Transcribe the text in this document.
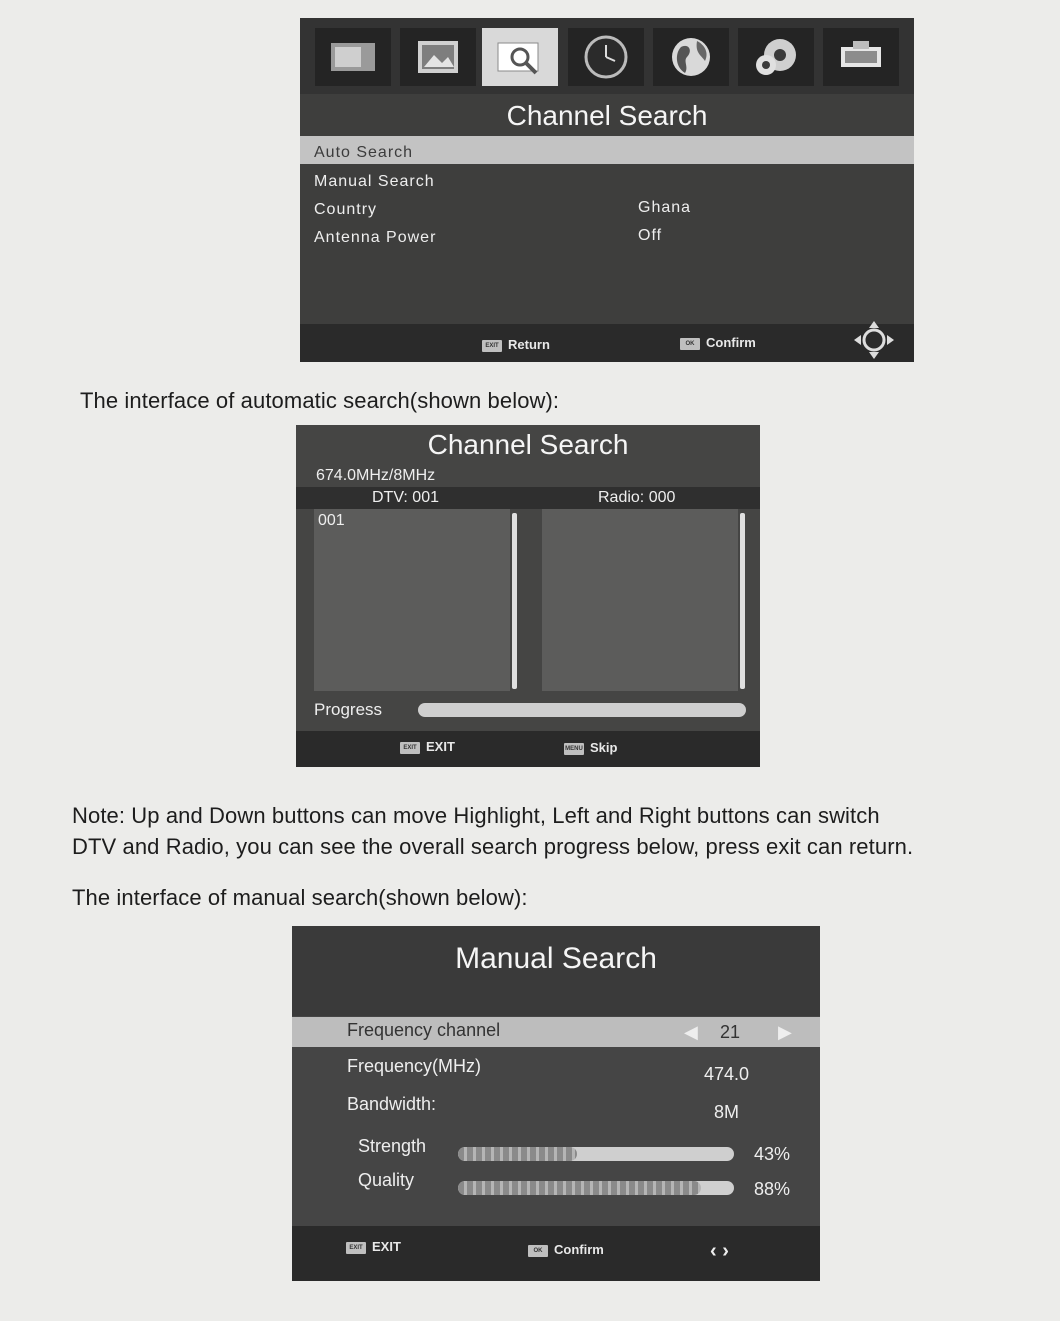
Channel Search
Auto Search
Manual Search
Country	Ghana
Antenna Power	Off
EXIT Return	OK Confirm
The interface of automatic search(shown below):
Channel Search
674.0MHz/8MHz
DTV: 001	Radio: 000
001
Progress
EXIT EXIT	MENU Skip
Note: Up and Down buttons can move Highlight, Left and Right buttons can switch
DTV and Radio, you can see the overall search progress below, press exit can return.
The interface of manual search(shown below):
Manual Search
Frequency channel	◀ 21 ▶
Frequency(MHz)	474.0
Bandwidth:	8M
Strength	43%
Quality	88%
EXIT EXIT	OK Confirm	‹ ›
